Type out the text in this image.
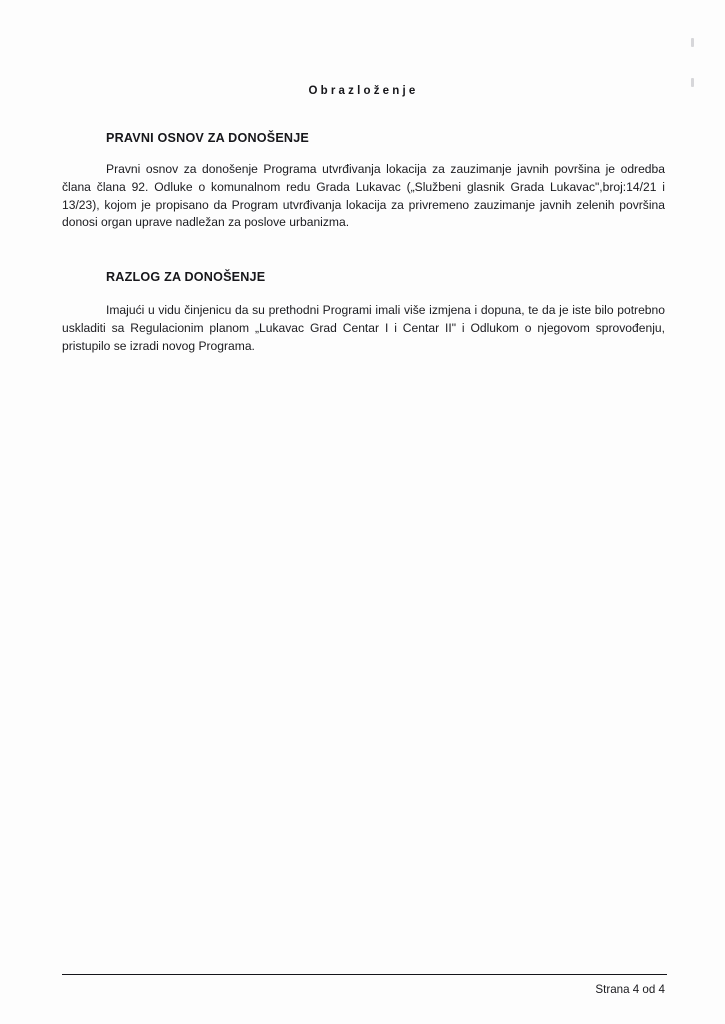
Obrazloženje
PRAVNI OSNOV ZA DONOŠENJE

Pravni osnov za donošenje Programa utvrđivanja lokacija za zauzimanje javnih površina je odredba člana člana 92. Odluke o komunalnom redu Grada Lukavac („Službeni glasnik Grada Lukavac",broj:14/21 i 13/23), kojom je propisano da Program utvrđivanja lokacija za privremeno zauzimanje javnih zelenih površina donosi organ uprave nadležan za poslove urbanizma.

RAZLOG ZA DONOŠENJE

Imajući u vidu činjenicu da su prethodni Programi imali više izmjena i dopuna, te da je iste bilo potrebno uskladiti sa Regulacionim planom „Lukavac Grad Centar I i Centar II" i Odlukom o njegovom sprovođenju, pristupilo se izradi novog Programa.

Strana 4 od 4
